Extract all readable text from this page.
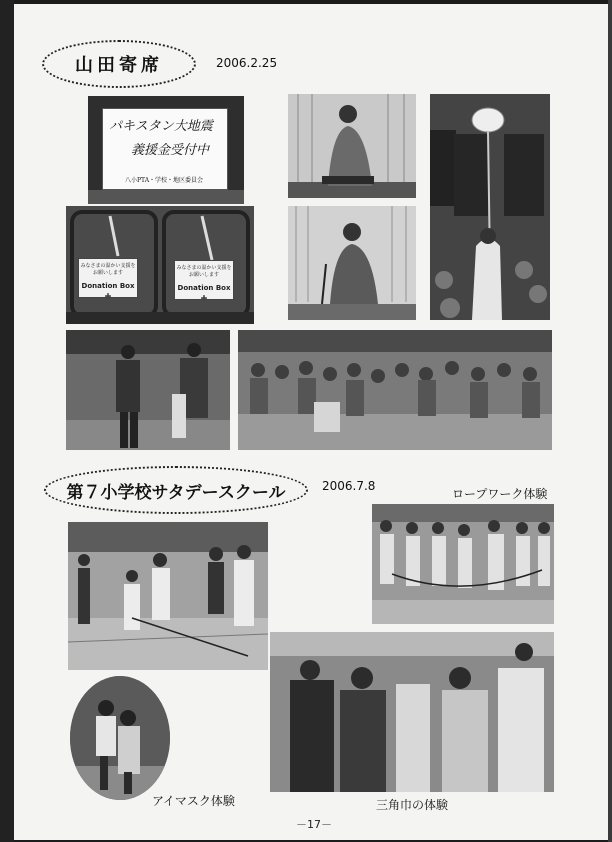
山田寄席	2006.2.25
パキスタン大地震
義援金受付中
八小PTA・学校・地区委員会
みなさまの温かい支援をお願いします
Donation Box
✚
みなさまの温かい支援をお願いします
Donation Box
✚
第７小学校サタデースクール	2006.7.8
ロープワーク体験
アイマスク体験	三角巾の体験
－17－
